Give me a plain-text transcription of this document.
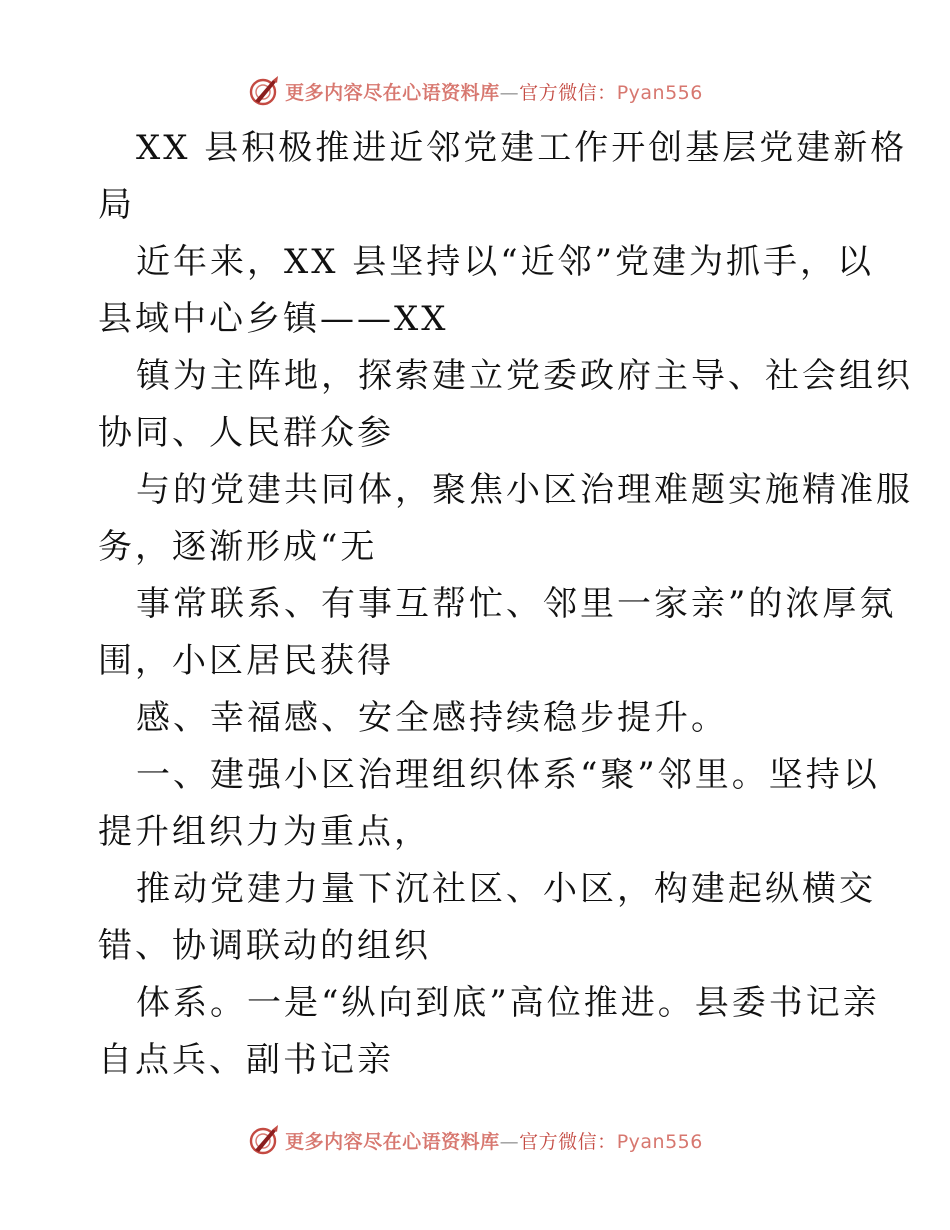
更多内容尽在心语资料库—官方微信：Pyan556

XX 县积极推进近邻党建工作开创基层党建新格
局

近年来，XX 县坚持以“近邻”党建为抓手，以
县域中心乡镇——XX

镇为主阵地，探索建立党委政府主导、社会组织
协同、人民群众参

与的党建共同体，聚焦小区治理难题实施精准服
务，逐渐形成“无

事常联系、有事互帮忙、邻里一家亲”的浓厚氛
围，小区居民获得

感、幸福感、安全感持续稳步提升。

一、建强小区治理组织体系“聚”邻里。坚持以
提升组织力为重点，

推动党建力量下沉社区、小区，构建起纵横交
错、协调联动的组织

体系。一是“纵向到底”高位推进。县委书记亲
自点兵、副书记亲

更多内容尽在心语资料库—官方微信：Pyan556
